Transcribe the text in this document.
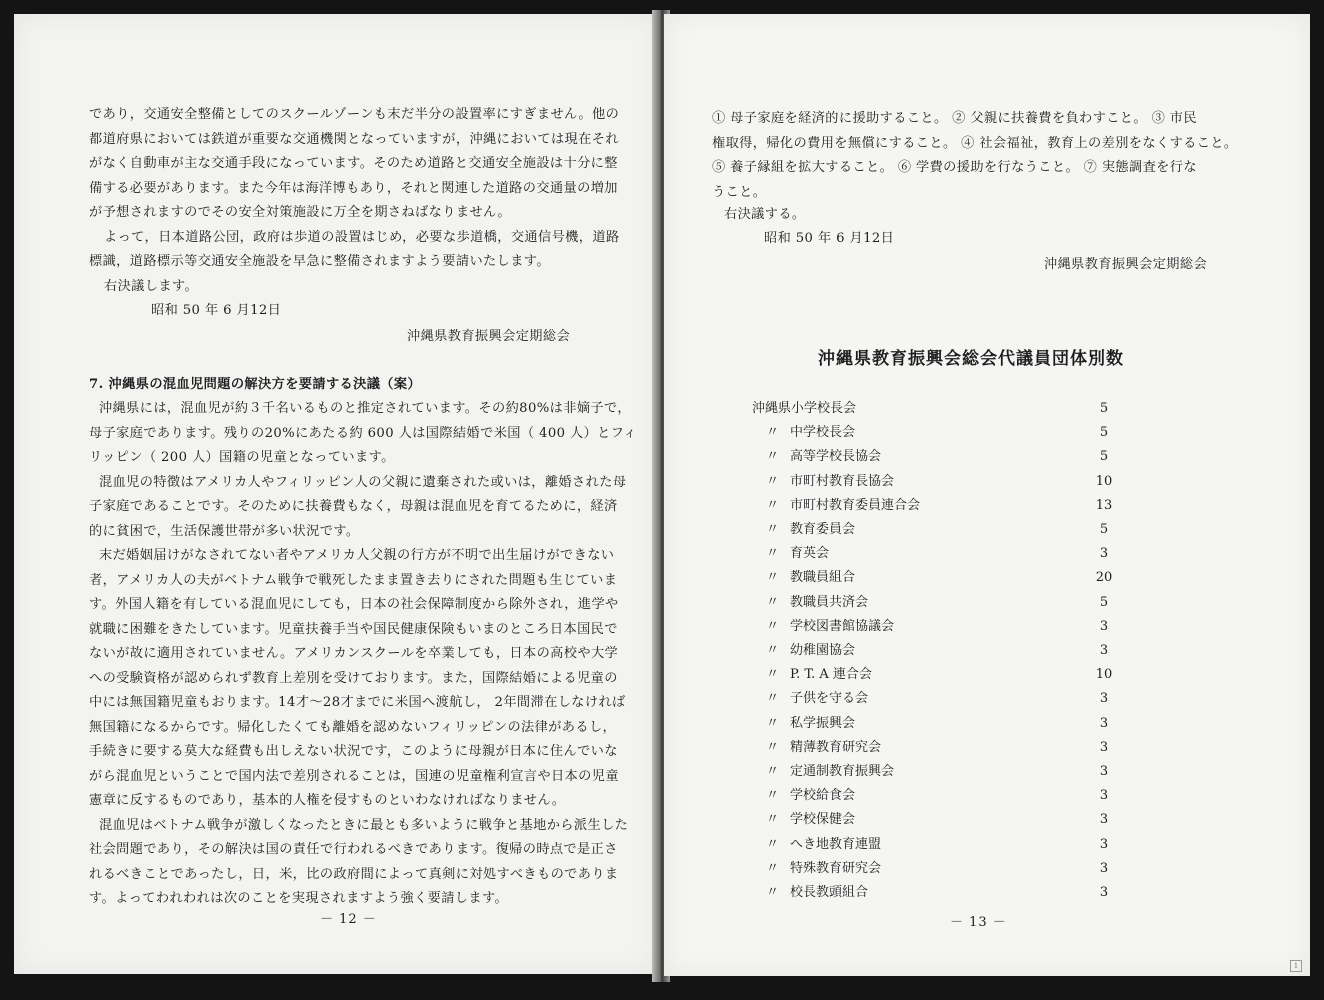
であり，交通安全整備としてのスクールゾーンも末だ半分の設置率にすぎません。他の
都道府県においては鉄道が重要な交通機関となっていますが，沖縄においては現在それ
がなく自動車が主な交通手段になっています。そのため道路と交通安全施設は十分に整
備する必要があります。また今年は海洋博もあり，それと関連した道路の交通量の増加
が予想されますのでその安全対策施設に万全を期さねばなりません。
よって，日本道路公団，政府は歩道の設置はじめ，必要な歩道橋，交通信号機，道路
標識，道路標示等交通安全施設を早急に整備されますよう要請いたします。
右決議します。
昭和 50 年 6 月12日
沖縄県教育振興会定期総会
7. 沖縄県の混血児問題の解決方を要請する決議（案）
沖縄県には，混血児が約３千名いるものと推定されています。その約80%は非嫡子で，
母子家庭であります。残りの20%にあたる約 600 人は国際結婚で米国（ 400 人）とフィ
リッピン（ 200 人）国籍の児童となっています。
混血児の特徴はアメリカ人やフィリッピン人の父親に遺棄された或いは，離婚された母
子家庭であることです。そのために扶養費もなく，母親は混血児を育てるために，経済
的に貧困で，生活保護世帯が多い状況です。
末だ婚姻届けがなされてない者やアメリカ人父親の行方が不明で出生届けができない
者，アメリカ人の夫がベトナム戦争で戦死したまま置き去りにされた問題も生じていま
す。外国人籍を有している混血児にしても，日本の社会保障制度から除外され，進学や
就職に困難をきたしています。児童扶養手当や国民健康保険もいまのところ日本国民で
ないが故に適用されていません。アメリカンスクールを卒業しても，日本の高校や大学
への受験資格が認められず教育上差別を受けております。また，国際結婚による児童の
中には無国籍児童もおります。14才～28才までに米国へ渡航し， 2年間滞在しなければ
無国籍になるからです。帰化したくても離婚を認めないフィリッピンの法律があるし，
手続きに要する莫大な経費も出しえない状況です，このように母親が日本に住んでいな
がら混血児ということで国内法で差別されることは，国連の児童権利宣言や日本の児童
憲章に反するものであり，基本的人権を侵すものといわなければなりません。
混血児はベトナム戦争が激しくなったときに最とも多いように戦争と基地から派生した
社会問題であり，その解決は国の責任で行われるべきであります。復帰の時点で是正さ
れるべきことであったし，日，米，比の政府間によって真剣に対処すべきものでありま
す。よってわれわれは次のことを実現されますよう強く要請します。
－ 12 －
① 母子家庭を経済的に援助すること。 ② 父親に扶養費を負わすこと。 ③ 市民
権取得，帰化の費用を無償にすること。 ④ 社会福祉，教育上の差別をなくすること。
⑤ 養子縁組を拡大すること。 ⑥ 学費の援助を行なうこと。 ⑦ 実態調査を行な
うこと。
右決議する。
昭和 50 年 6 月12日
沖縄県教育振興会定期総会
沖縄県教育振興会総会代議員団体別数
沖縄県小学校長会	5
〃 中学校長会	5
〃 高等学校長協会	5
〃 市町村教育長協会	10
〃 市町村教育委員連合会	13
〃 教育委員会	5
〃 育英会	3
〃 教職員組合	20
〃 教職員共済会	5
〃 学校図書館協議会	3
〃 幼稚園協会	3
〃 P. T. A 連合会	10
〃 子供を守る会	3
〃 私学振興会	3
〃 精薄教育研究会	3
〃 定通制教育振興会	3
〃 学校給食会	3
〃 学校保健会	3
〃 へき地教育連盟	3
〃 特殊教育研究会	3
〃 校長教頭組合	3
－ 13 －
1
